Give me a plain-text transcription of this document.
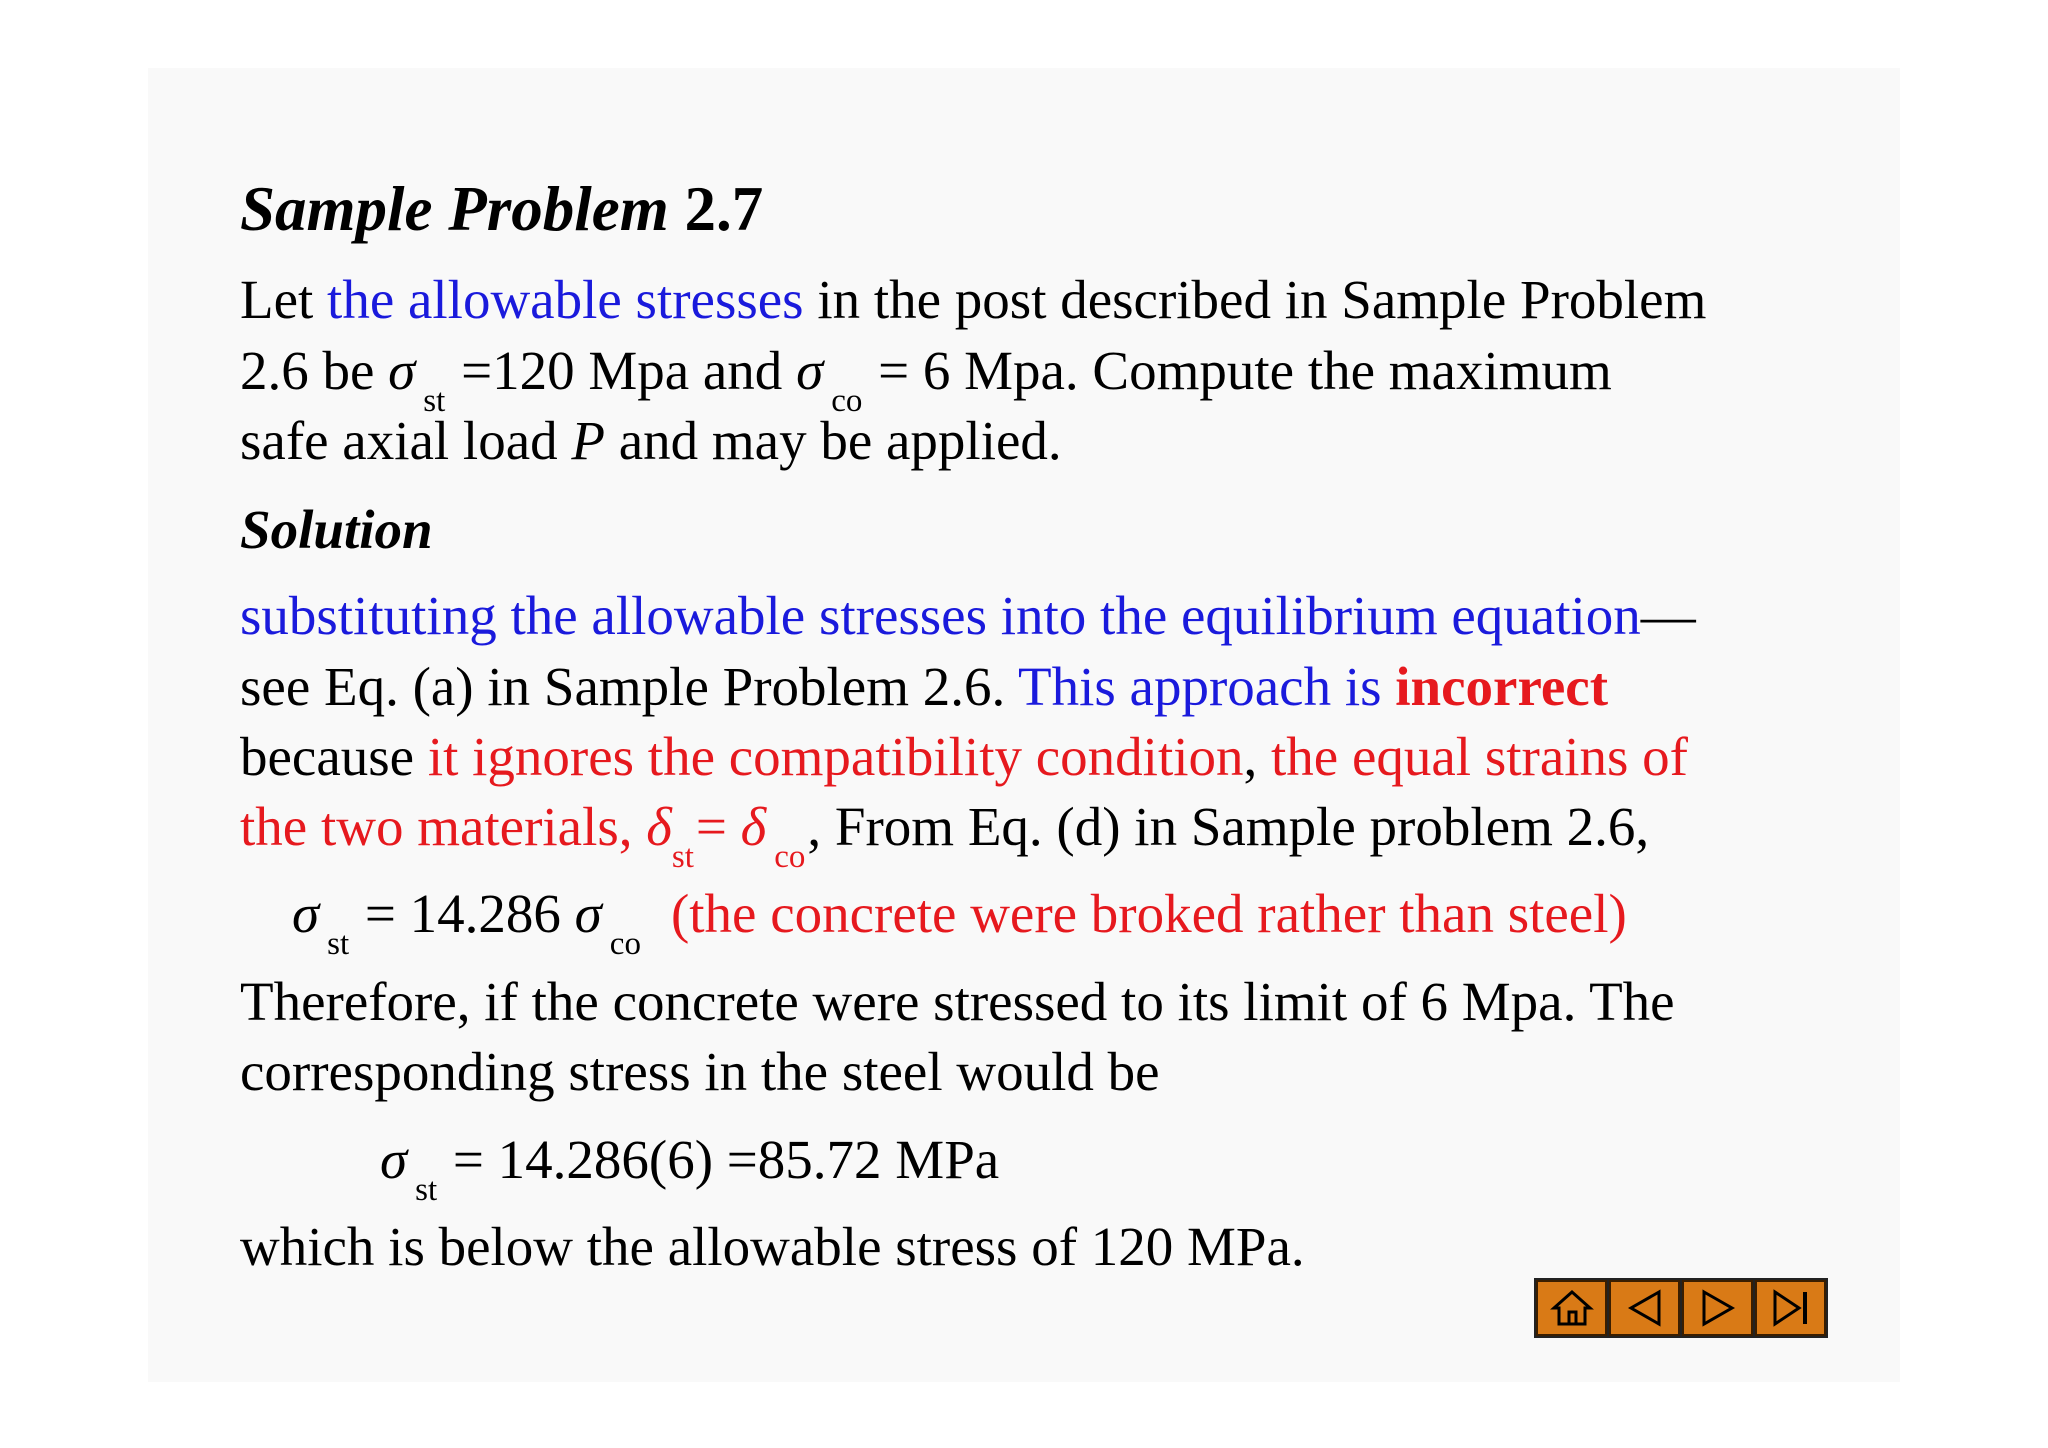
Sample Problem 2.7
Let the allowable stresses in the post described in Sample Problem
2.6 be σ $_{st}$ =120 Mpa and σ $_{co}$ = 6 Mpa. Compute the maximum
safe axial load P and may be applied.
Solution
substituting the allowable stresses into the equilibrium equation—
see Eq. (a) in Sample Problem 2.6. This approach is incorrect
because it ignores the compatibility condition, the equal strains of
the two materials, $\delta_{st}= \delta$ $_{co}$, From Eq. (d) in Sample problem 2.6,
σ $_{st}$ = 14.286 σ $_{co}$ (the concrete were broked rather than steel)
Therefore, if the concrete were stressed to its limit of 6 Mpa. The
corresponding stress in the steel would be
σ $_{st}$ = 14.286(6) =85.72 MPa
which is below the allowable stress of 120 MPa.
